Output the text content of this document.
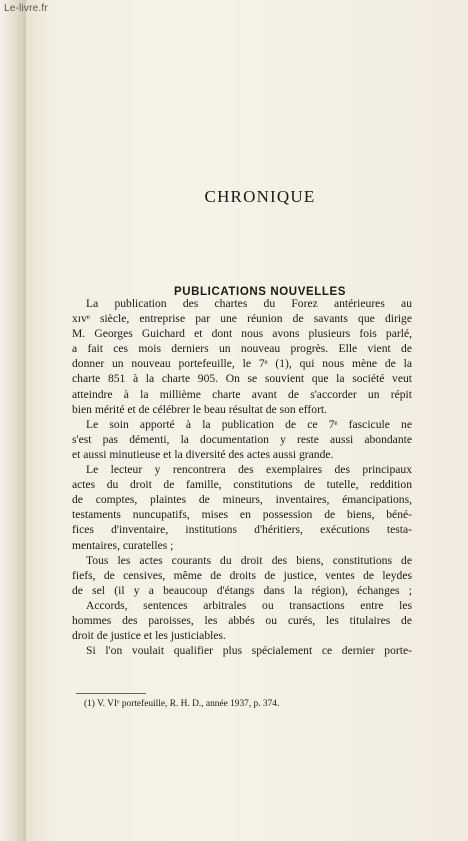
Le-livre.fr
CHRONIQUE
PUBLICATIONS NOUVELLES
La publication des chartes du Forez antérieures au
xɪvᵉ siècle, entreprise par une réunion de savants que dirige
M. Georges Guichard et dont nous avons plusieurs fois parlé,
a fait ces mois derniers un nouveau progrès. Elle vient de
donner un nouveau portefeuille, le 7ᵉ (1), qui nous mène de la
charte 851 à la charte 905. On se souvient que la société veut
atteindre à la millième charte avant de s'accorder un répit
bien mérité et de célébrer le beau résultat de son effort.
Le soin apporté à la publication de ce 7ᵉ fascicule ne
s'est pas démenti, la documentation y reste aussi abondante
et aussi minutieuse et la diversité des actes aussi grande.
Le lecteur y rencontrera des exemplaires des principaux
actes du droit de famille, constitutions de tutelle, reddition
de comptes, plaintes de mineurs, inventaires, émancipations,
testaments nuncupatifs, mises en possession de biens, béné-
fices d'inventaire, institutions d'héritiers, exécutions testa-
mentaires, curatelles ;
Tous les actes courants du droit des biens, constitutions de
fiefs, de censives, même de droits de justice, ventes de leydes
de sel (il y a beaucoup d'étangs dans la région), échanges ;
Accords, sentences arbitrales ou transactions entre les
hommes des paroisses, les abbés ou curés, les titulaires de
droit de justice et les justiciables.
Si l'on voulait qualifier plus spécialement ce dernier porte-
(1) V. VIᵉ portefeuille, R. H. D., année 1937, p. 374.
